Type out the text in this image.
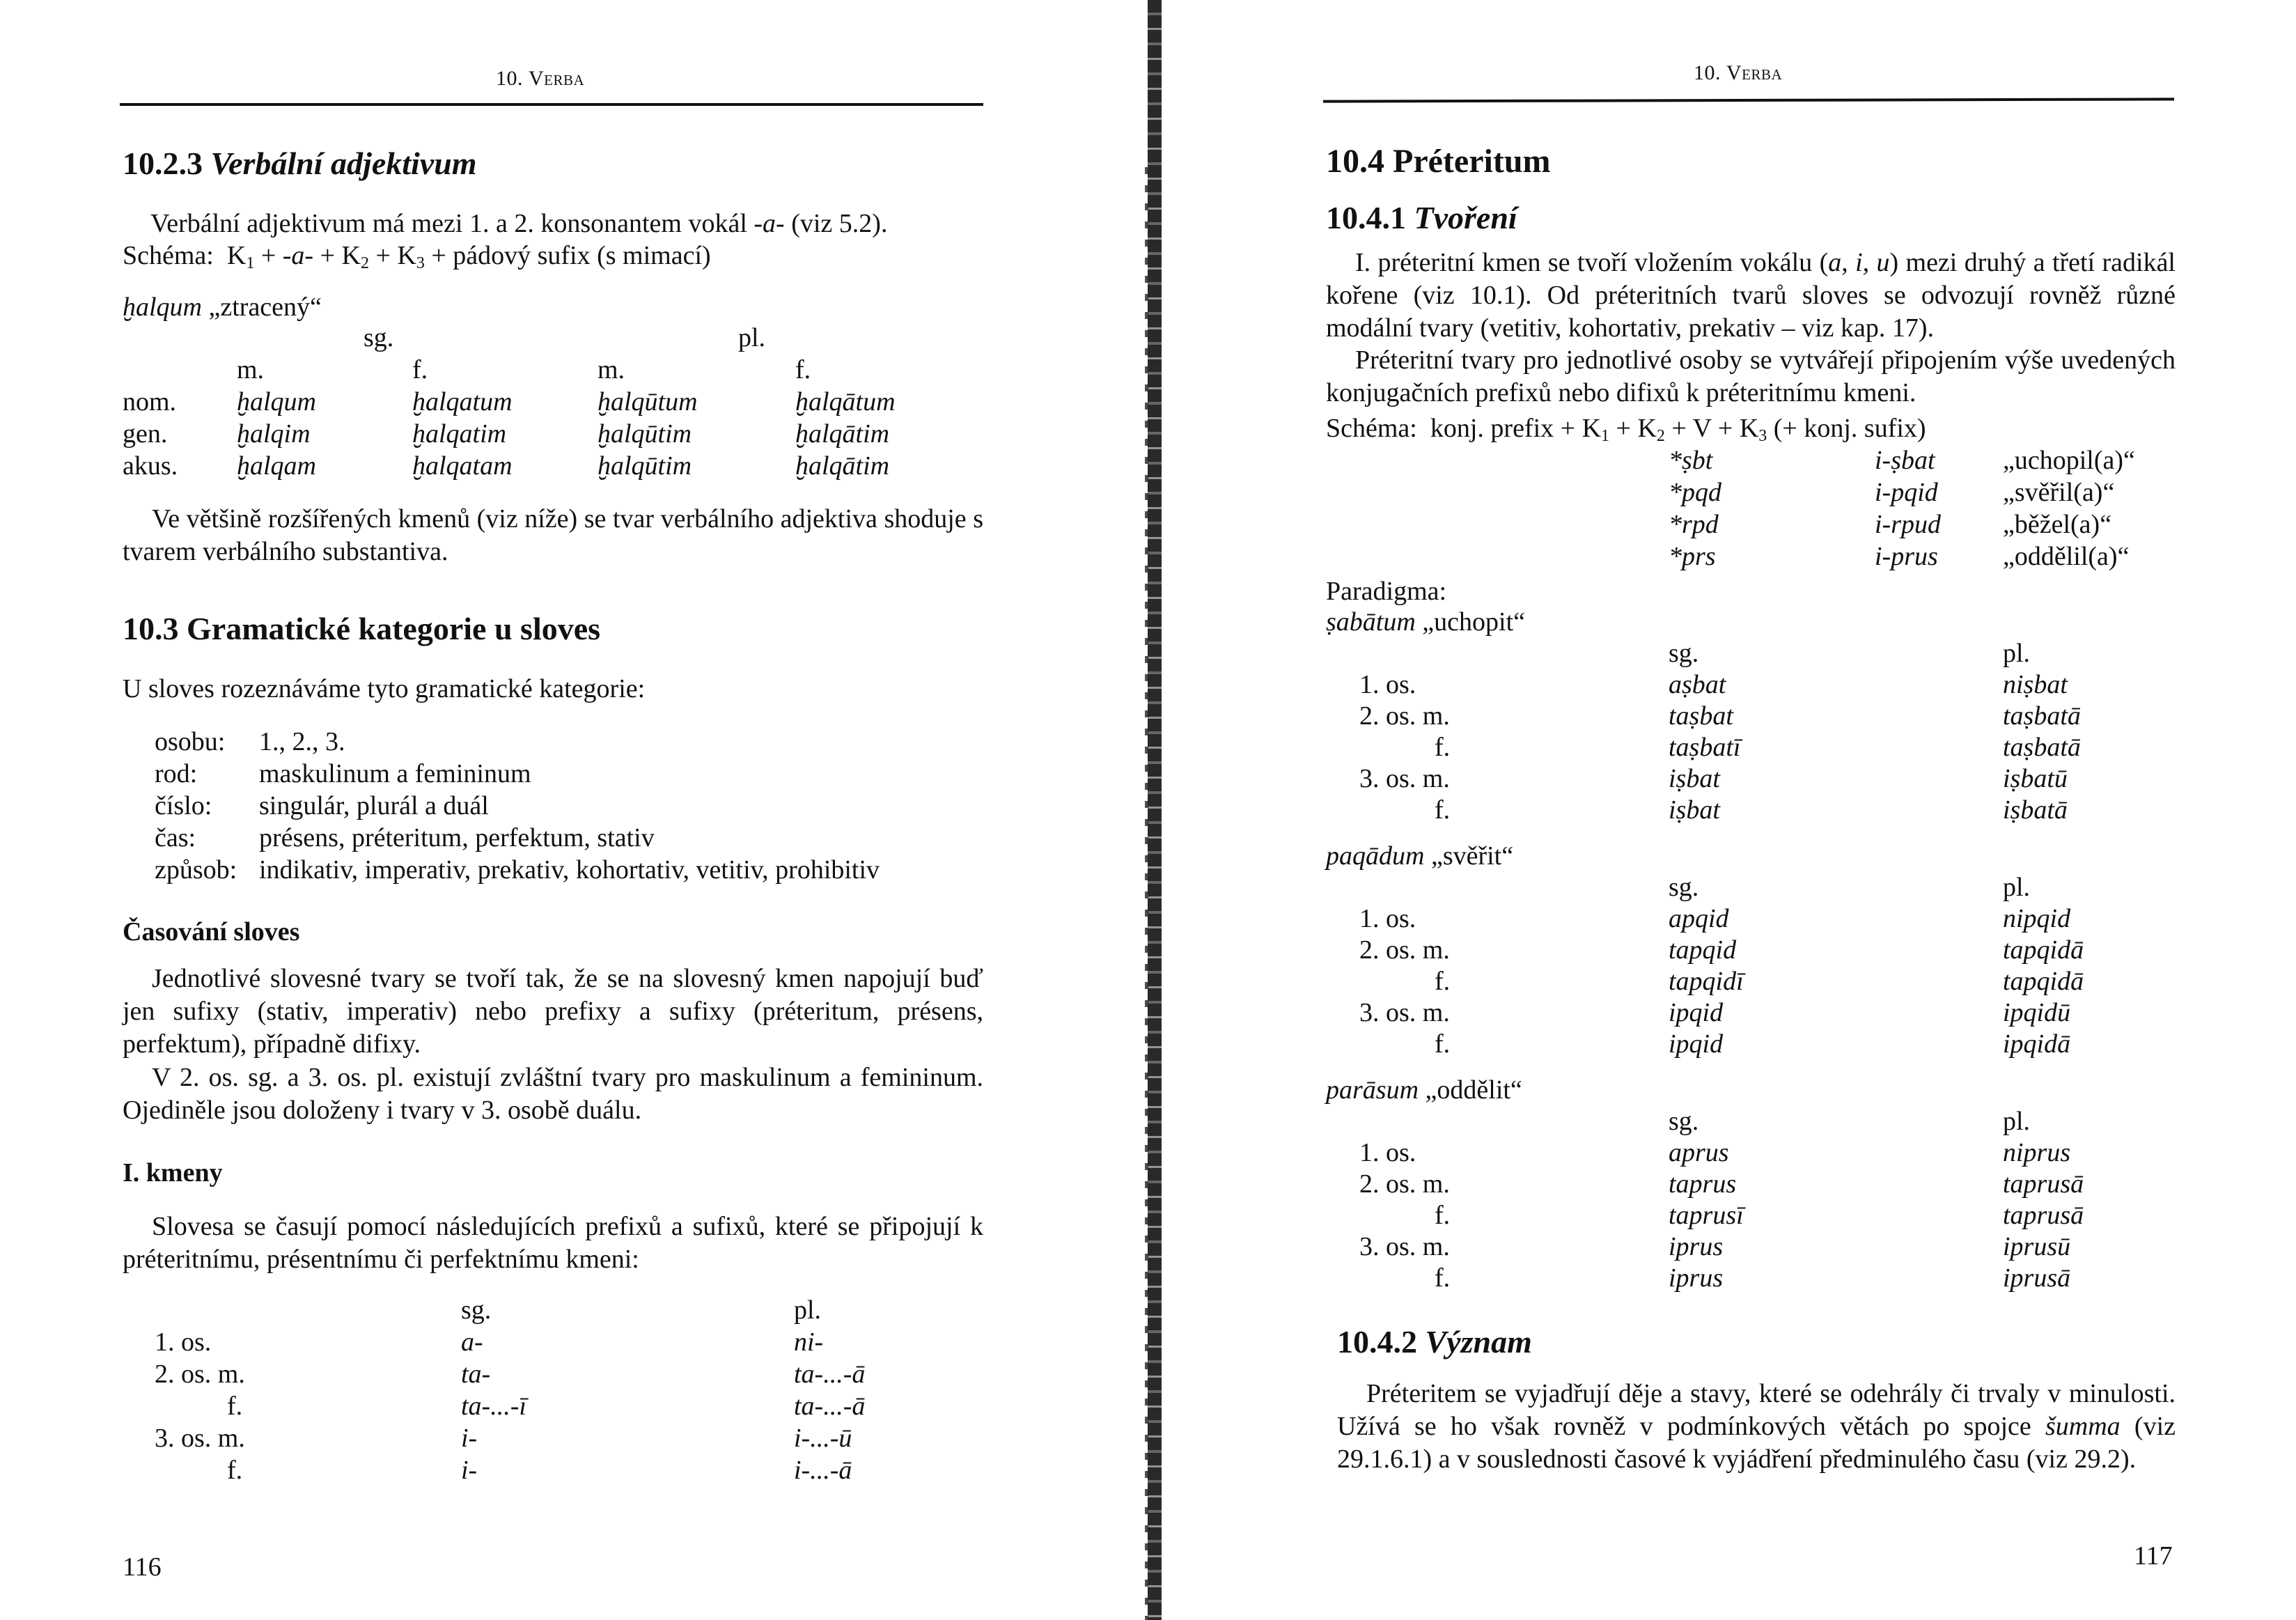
10. Verba
10.2.3 Verbální adjektivum
Verbální adjektivum má mezi 1. a 2. konsonantem vokál -a- (viz 5.2).
Schéma: $K_1 + -a- + K_2 + K_3$ + pádový sufix (s mimací)
ḫalqum „ztracený“
sg.	pl.
m.	f.	m.	f.
nom. ḫalqum	ḫalqatum	ḫalqūtum	ḫalqātum
gen.	ḫalqim	ḫalqatim	ḫalqūtim	ḫalqātim
akus. ḫalqam	ḫalqatam	ḫalqūtim	ḫalqātim
Ve většině rozšířených kmenů (viz níže) se tvar verbálního adjektiva shoduje s tvarem verbálního substantiva.
10.3 Gramatické kategorie u sloves
U sloves rozeznáváme tyto gramatické kategorie:
osobu: 1., 2., 3.
rod: maskulinum a femininum
číslo: singulár, plurál a duál
čas: présens, préteritum, perfektum, stativ
způsob: indikativ, imperativ, prekativ, kohortativ, vetitiv, prohibitiv
Časování sloves
Jednotlivé slovesné tvary se tvoří tak, že se na slovesný kmen napojují buď jen sufixy (stativ, imperativ) nebo prefixy a sufixy (préteritum, présens, perfektum), případně difixy.
V 2. os. sg. a 3. os. pl. existují zvláštní tvary pro maskulinum a femininum. Ojediněle jsou doloženy i tvary v 3. osobě duálu.
I. kmeny
Slovesa se časují pomocí následujících prefixů a sufixů, které se připojují k préteritnímu, présentnímu či perfektnímu kmeni:
sg.	pl.
1. os.	a-	ni-
2. os. m.	ta-	ta-...-ā
f.	ta-...-ī	ta-...-ā
3. os. m.	i-	i-...-ū
f.	i-	i-...-ā
116
10. Verba
10.4 Préteritum
10.4.1 Tvoření
I. préteritní kmen se tvoří vložením vokálu (a, i, u) mezi druhý a třetí radikál kořene (viz 10.1). Od préteritních tvarů sloves se odvozují rovněž různé modální tvary (vetitiv, kohortativ, prekativ – viz kap. 17).
Préteritní tvary pro jednotlivé osoby se vytvářejí připojením výše uvedených konjugačních prefixů nebo difixů k préteritnímu kmeni.
Schéma: konj. prefix + $K_1 + K_2 + V + K_3$ (+ konj. sufix)
*ṣbt	i-ṣbat	„uchopil(a)“
*pqd	i-pqid „svěřil(a)“
*rpd	i-rpud „běžel(a)“
*prs	i-prus „oddělil(a)“
Paradigma:
ṣabātum „uchopit“
sg.	pl.
1. os.	aṣbat	niṣbat
2. os. m.	taṣbat	taṣbatā
f.	taṣbatī	taṣbatā
3. os. m.	iṣbat	iṣbatū
f.	iṣbat	iṣbatā
paqādum „svěřit“
sg.	pl.
1. os.	apqid	nipqid
2. os. m.	tapqid	tapqidā
f.	tapqidī	tapqidā
3. os. m.	ipqid	ipqidū
f.	ipqid	ipqidā
parāsum „oddělit“
sg.	pl.
1. os.	aprus	niprus
2. os. m.	taprus	taprusā
f.	taprusī	taprusā
3. os. m.	iprus	iprusū
f.	iprus	iprusā
10.4.2 Význam
Préteritem se vyjadřují děje a stavy, které se odehrály či trvaly v minulosti. Užívá se ho však rovněž v podmínkových větách po spojce šumma (viz 29.1.6.1) a v souslednosti časové k vyjádření předminulého času (viz 29.2).
117
